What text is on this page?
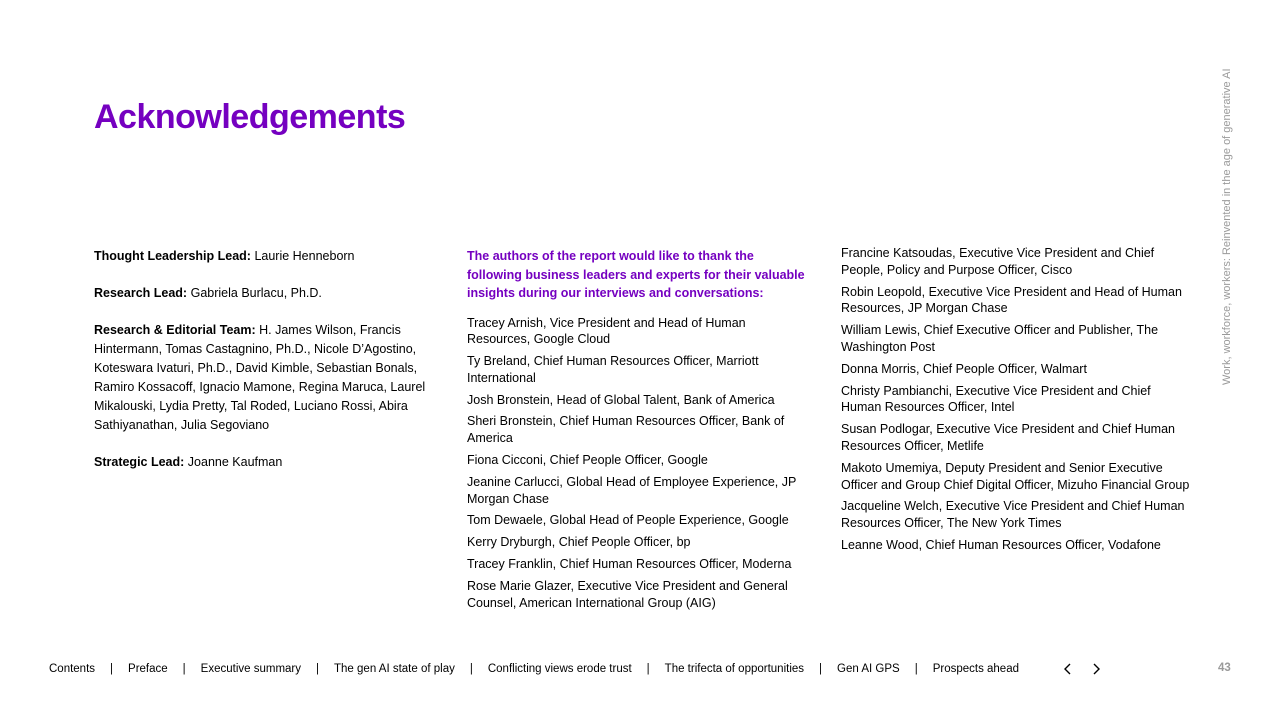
Acknowledgements	Work, workforce, workers: Reinvented in the age of generative AI

Thought Leadership Lead: Laurie Henneborn

Research Lead: Gabriela Burlacu, Ph.D.

Research & Editorial Team: H. James Wilson, Francis Hintermann, Tomas Castagnino, Ph.D., Nicole D’Agostino, Koteswara Ivaturi, Ph.D., David Kimble, Sebastian Bonals, Ramiro Kossacoff, Ignacio Mamone, Regina Maruca, Laurel Mikalouski, Lydia Pretty, Tal Roded, Luciano Rossi, Abira Sathiyanathan, Julia Segoviano

Strategic Lead: Joanne Kaufman

The authors of the report would like to thank the following business leaders and experts for their valuable insights during our interviews and conversations:

Tracey Arnish, Vice President and Head of Human Resources, Google Cloud
Ty Breland, Chief Human Resources Officer, Marriott International
Josh Bronstein, Head of Global Talent, Bank of America
Sheri Bronstein, Chief Human Resources Officer, Bank of America
Fiona Cicconi, Chief People Officer, Google
Jeanine Carlucci, Global Head of Employee Experience, JP Morgan Chase
Tom Dewaele, Global Head of People Experience, Google
Kerry Dryburgh, Chief People Officer, bp
Tracey Franklin, Chief Human Resources Officer, Moderna
Rose Marie Glazer, Executive Vice President and General Counsel, American International Group (AIG)
Francine Katsoudas, Executive Vice President and Chief People, Policy and Purpose Officer, Cisco
Robin Leopold, Executive Vice President and Head of Human Resources, JP Morgan Chase
William Lewis, Chief Executive Officer and Publisher, The Washington Post
Donna Morris, Chief People Officer, Walmart
Christy Pambianchi, Executive Vice President and Chief Human Resources Officer, Intel
Susan Podlogar, Executive Vice President and Chief Human Resources Officer, Metlife
Makoto Umemiya, Deputy President and Senior Executive Officer and Group Chief Digital Officer, Mizuho Financial Group
Jacqueline Welch, Executive Vice President and Chief Human Resources Officer, The New York Times
Leanne Wood, Chief Human Resources Officer, Vodafone
Contents | Preface | Executive summary | The gen AI state of play | Conflicting views erode trust | The trifecta of opportunities | Gen AI GPS | Prospects ahead	43
